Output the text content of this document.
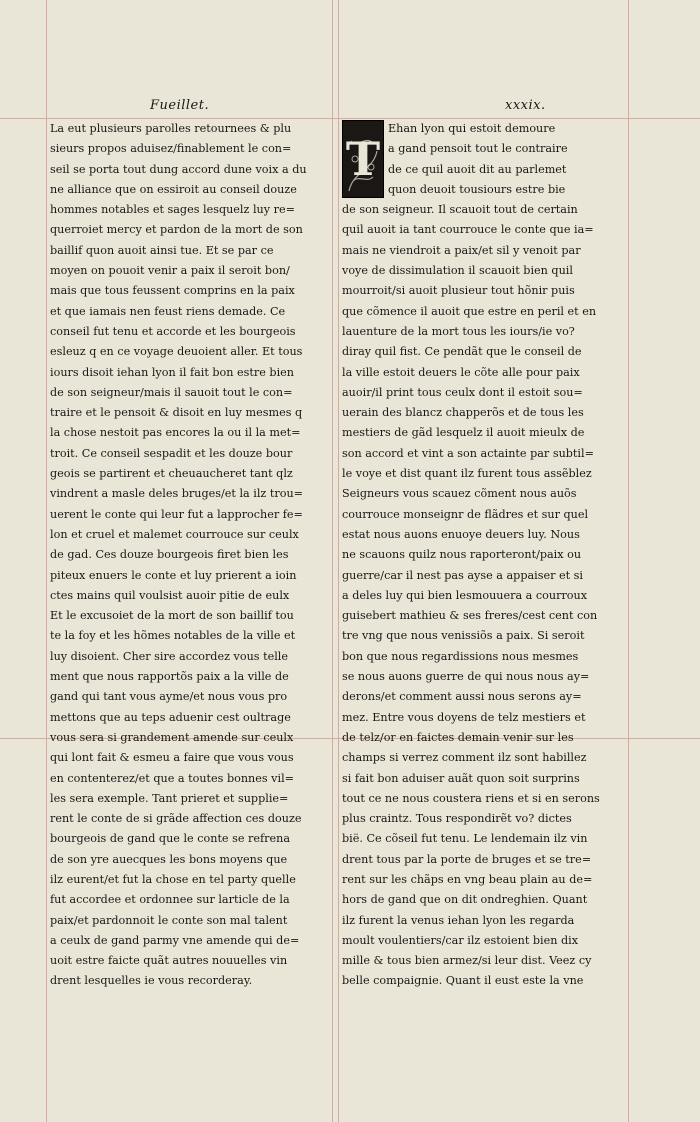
Fueillet.	xxxix.
T
La eut plusieurs parolles retournees & plu
sieurs propos aduisez/finablement le con=
seil se porta tout dung accord dune voix a du
ne alliance que on essiroit au conseil douze
hommes notables et sages lesquelz luy re=
querroiet mercy et pardon de la mort de son
baillif quon auoit ainsi tue. Et se par ce
moyen on pouoit venir a paix il seroit bon/
mais que tous feussent comprins en la paix
et que iamais nen feust riens demade. Ce
conseil fut tenu et accorde et les bourgeois
esleuz q en ce voyage deuoient aller. Et tous
iours disoit iehan lyon il fait bon estre bien
de son seigneur/mais il sauoit tout le con=
traire et le pensoit & disoit en luy mesmes q
la chose nestoit pas encores la ou il la met=
troit. Ce conseil sespadit et les douze bour
geois se partirent et cheuaucheret tant qlz
vindrent a masle deles bruges/et la ilz trou=
uerent le conte qui leur fut a lapprocher fe=
lon et cruel et malemet courrouce sur ceulx
de gad. Ces douze bourgeois firet bien les
piteux enuers le conte et luy prierent a ioin
ctes mains quil voulsist auoir pitie de eulx
Et le excusoiet de la mort de son baillif tou
te la foy et les hõmes notables de la ville et
luy disoient. Cher sire accordez vous telle
ment que nous rapportõs paix a la ville de
gand qui tant vous ayme/et nous vous pro
mettons que au teps aduenir cest oultrage
vous sera si grandement amende sur ceulx
qui lont fait & esmeu a faire que vous vous
en contenterez/et que a toutes bonnes vil=
les sera exemple. Tant prieret et supplie=
rent le conte de si grãde affection ces douze
bourgeois de gand que le conte se refrena
de son yre auecques les bons moyens que
ilz eurent/et fut la chose en tel party quelle
fut accordee et ordonnee sur larticle de la
paix/et pardonnoit le conte son mal talent
a ceulx de gand parmy vne amende qui de=
uoit estre faicte quãt autres nouuelles vin
drent lesquelles ie vous recorderay.
Ehan lyon qui estoit demoure
a gand pensoit tout le contraire
de ce quil auoit dit au parlemet
quon deuoit tousiours estre bie
de son seigneur. Il scauoit tout de certain
quil auoit ia tant courrouce le conte que ia=
mais ne viendroit a paix/et sil y venoit par
voye de dissimulation il scauoit bien quil
mourroit/si auoit plusieur tout hõnir puis
que cõmence il auoit que estre en peril et en
lauenture de la mort tous les iours/ie vo?
diray quil fist. Ce pendãt que le conseil de
la ville estoit deuers le cõte alle pour paix
auoir/il print tous ceulx dont il estoit sou=
uerain des blancz chapperõs et de tous les
mestiers de gãd lesquelz il auoit mieulx de
son accord et vint a son actainte par subtil=
le voye et dist quant ilz furent tous assẽblez
Seigneurs vous scauez cõment nous auõs
courrouce monseignr de flãdres et sur quel
estat nous auons enuoye deuers luy. Nous
ne scauons quilz nous raporteront/paix ou
guerre/car il nest pas ayse a appaiser et si
a deles luy qui bien lesmouuera a courroux
guisebert mathieu & ses freres/cest cent con
tre vng que nous venissiõs a paix. Si seroit
bon que nous regardissions nous mesmes
se nous auons guerre de qui nous nous ay=
derons/et comment aussi nous serons ay=
mez. Entre vous doyens de telz mestiers et
de telz/or en faictes demain venir sur les
champs si verrez comment ilz sont habillez
si fait bon aduiser auãt quon soit surprins
tout ce ne nous coustera riens et si en serons
plus craintz. Tous respondirẽt vo? dictes
bië. Ce cõseil fut tenu. Le lendemain ilz vin
drent tous par la porte de bruges et se tre=
rent sur les chãps en vng beau plain au de=
hors de gand que on dit ondreghien. Quant
ilz furent la venus iehan lyon les regarda
moult voulentiers/car ilz estoient bien dix
mille & tous bien armez/si leur dist. Veez cy
belle compaignie. Quant il eust este la vne
